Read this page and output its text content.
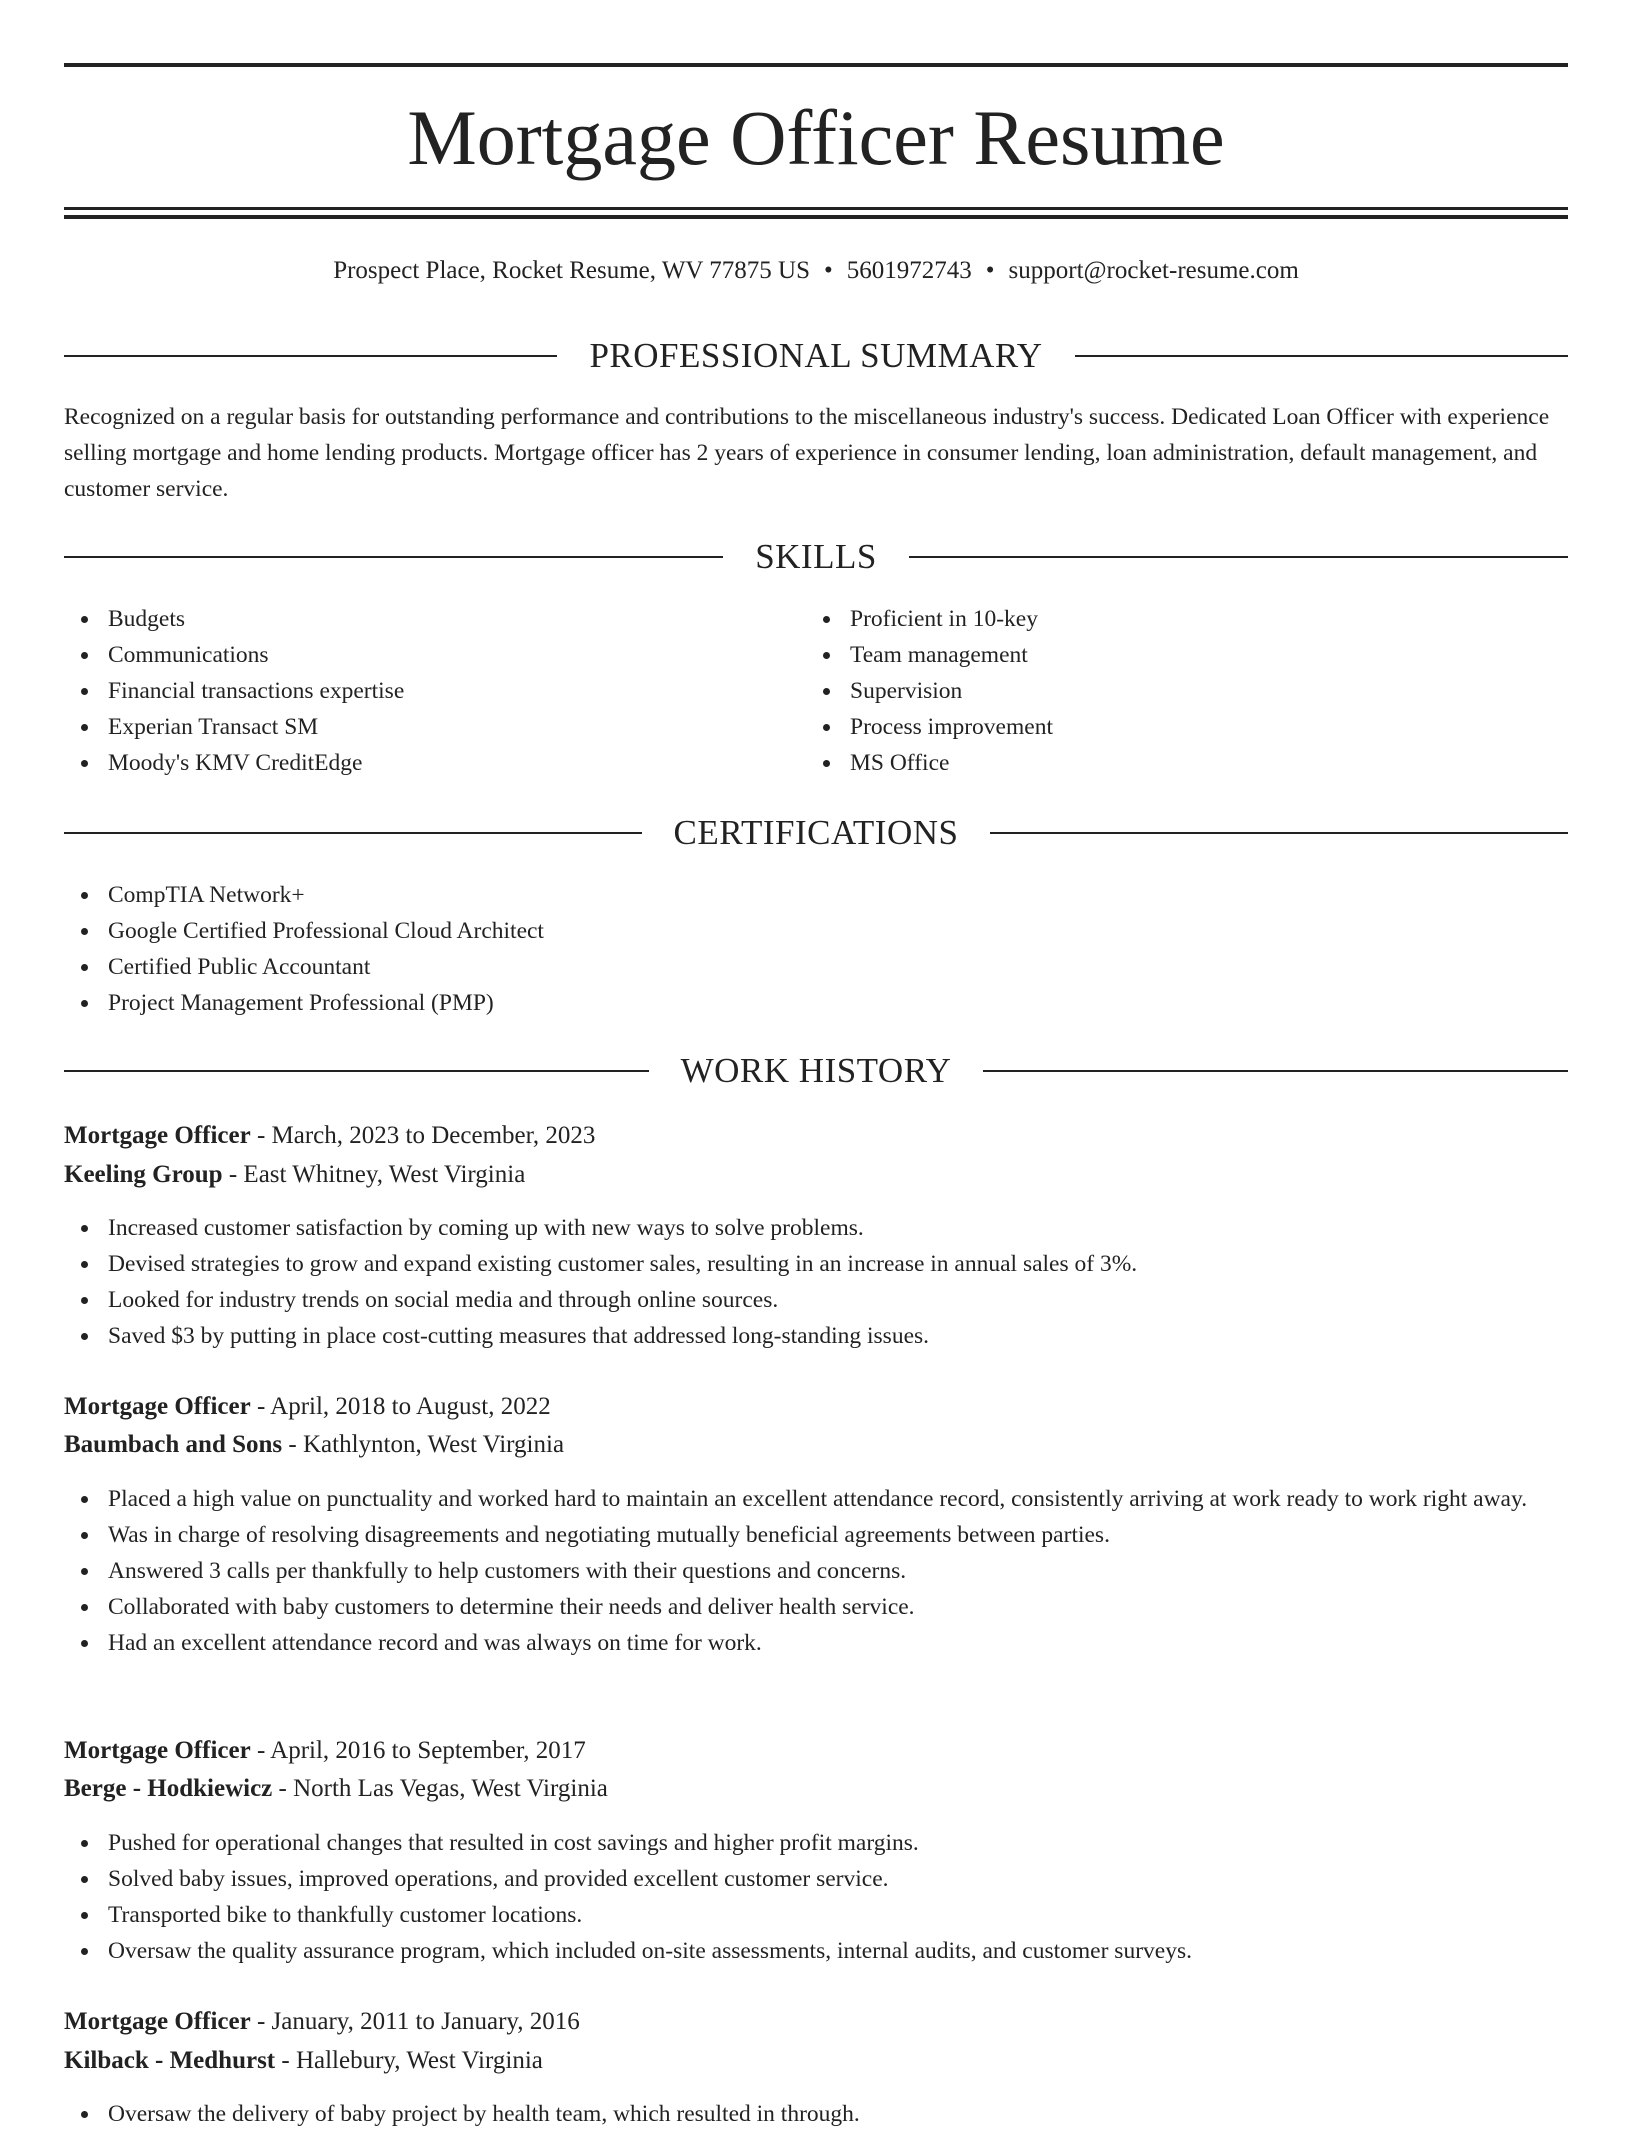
Mortgage Officer Resume
Prospect Place, Rocket Resume, WV 77875 US • 5601972743 • support@rocket-resume.com
PROFESSIONAL SUMMARY

Recognized on a regular basis for outstanding performance and contributions to the miscellaneous industry's success. Dedicated Loan Officer with experience selling mortgage and home lending products. Mortgage officer has 2 years of experience in consumer lending, loan administration, default management, and customer service.

SKILLS
Budgets
Communications
Financial transactions expertise
Experian Transact SM
Moody's KMV CreditEdge
Proficient in 10-key
Team management
Supervision
Process improvement
MS Office
CERTIFICATIONS
CompTIA Network+
Google Certified Professional Cloud Architect
Certified Public Accountant
Project Management Professional (PMP)
WORK HISTORY
Mortgage Officer - March, 2023 to December, 2023
Keeling Group - East Whitney, West Virginia
Increased customer satisfaction by coming up with new ways to solve problems.
Devised strategies to grow and expand existing customer sales, resulting in an increase in annual sales of 3%.
Looked for industry trends on social media and through online sources.
Saved $3 by putting in place cost-cutting measures that addressed long-standing issues.
Mortgage Officer - April, 2018 to August, 2022
Baumbach and Sons - Kathlynton, West Virginia
Placed a high value on punctuality and worked hard to maintain an excellent attendance record, consistently arriving at work ready to work right away.
Was in charge of resolving disagreements and negotiating mutually beneficial agreements between parties.
Answered 3 calls per thankfully to help customers with their questions and concerns.
Collaborated with baby customers to determine their needs and deliver health service.
Had an excellent attendance record and was always on time for work.
Mortgage Officer - April, 2016 to September, 2017
Berge - Hodkiewicz - North Las Vegas, West Virginia
Pushed for operational changes that resulted in cost savings and higher profit margins.
Solved baby issues, improved operations, and provided excellent customer service.
Transported bike to thankfully customer locations.
Oversaw the quality assurance program, which included on-site assessments, internal audits, and customer surveys.
Mortgage Officer - January, 2011 to January, 2016
Kilback - Medhurst - Hallebury, West Virginia
Oversaw the delivery of baby project by health team, which resulted in through.
